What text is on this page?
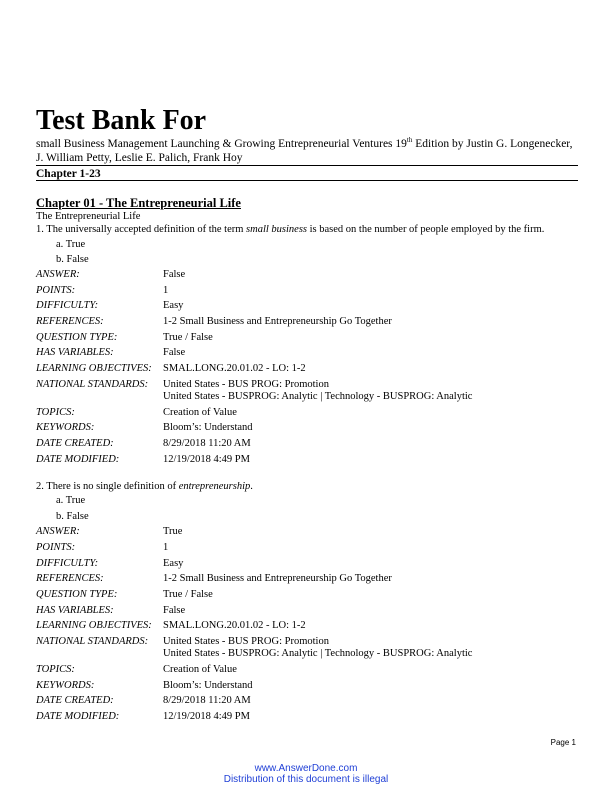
Test Bank For
small Business Management Launching & Growing Entrepreneurial Ventures 19th Edition by Justin G. Longenecker, J. William Petty, Leslie E. Palich, Frank Hoy
Chapter 1-23
Chapter 01 - The Entrepreneurial Life
The Entrepreneurial Life
1. The universally accepted definition of the term small business is based on the number of people employed by the firm.
a. True
b. False
ANSWER:	False
POINTS:	1
DIFFICULTY:	Easy
REFERENCES:	1-2 Small Business and Entrepreneurship Go Together
QUESTION TYPE:	True / False
HAS VARIABLES:	False
LEARNING OBJECTIVES: SMAL.LONG.20.01.02 - LO: 1-2
NATIONAL STANDARDS: United States - BUS PROG: Promotion
United States - BUSPROG: Analytic | Technology - BUSPROG: Analytic
TOPICS:	Creation of Value
KEYWORDS:	Bloom’s: Understand
DATE CREATED:	8/29/2018 11:20 AM
DATE MODIFIED:	12/19/2018 4:49 PM
2. There is no single definition of entrepreneurship.
a. True
b. False
ANSWER:	True
POINTS:	1
DIFFICULTY:	Easy
REFERENCES:	1-2 Small Business and Entrepreneurship Go Together
QUESTION TYPE:	True / False
HAS VARIABLES:	False
LEARNING OBJECTIVES: SMAL.LONG.20.01.02 - LO: 1-2
NATIONAL STANDARDS: United States - BUS PROG: Promotion
United States - BUSPROG: Analytic | Technology - BUSPROG: Analytic
TOPICS:	Creation of Value
KEYWORDS:	Bloom’s: Understand
DATE CREATED:	8/29/2018 11:20 AM
DATE MODIFIED:	12/19/2018 4:49 PM
Page 1
www.AnswerDone.com
Distribution of this document is illegal
